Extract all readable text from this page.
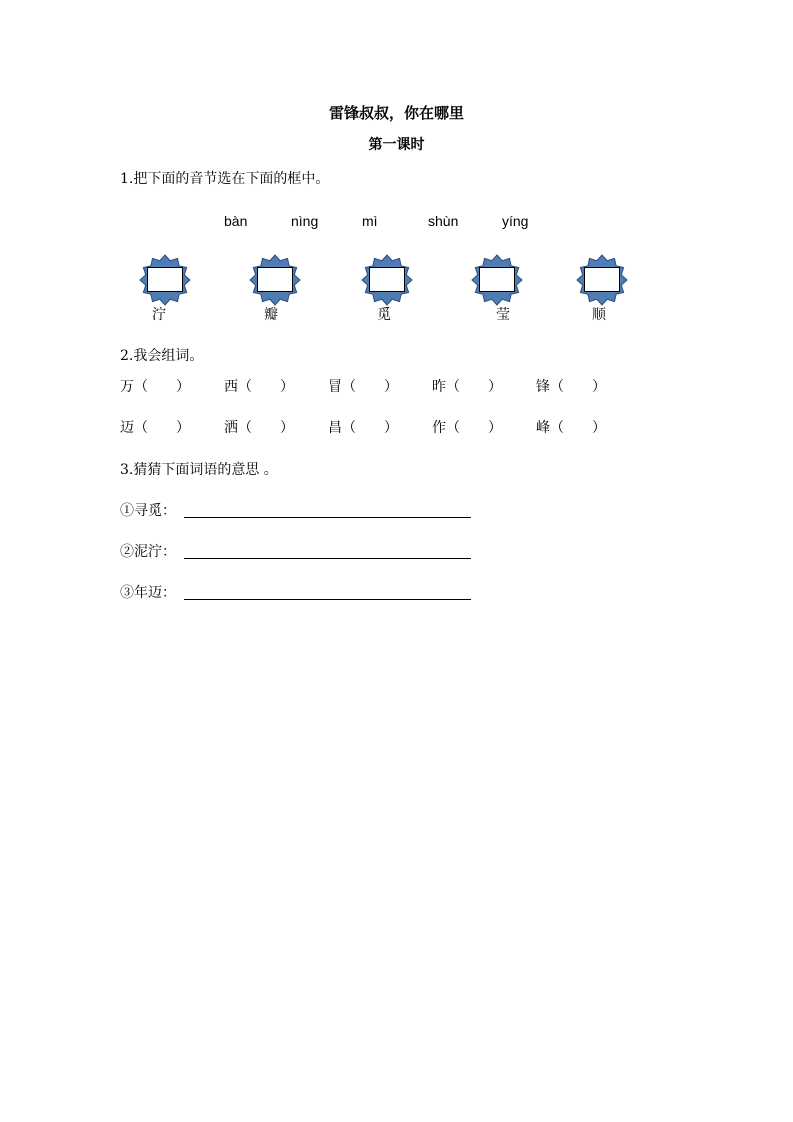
雷锋叔叔，你在哪里
第一课时
1.把下面的音节选在下面的框中。
bàn	nìng	mì	shùn	yíng
泞	瓣	觅	莹	顺
2.我会组词。
万（　　） 西（　　） 冒（　　） 昨（　　） 锋（　　）
迈（　　） 洒（　　） 昌（　　） 作（　　） 峰（　　）
3.猜猜下面词语的意思 。
①寻觅：
②泥泞：
③年迈：
